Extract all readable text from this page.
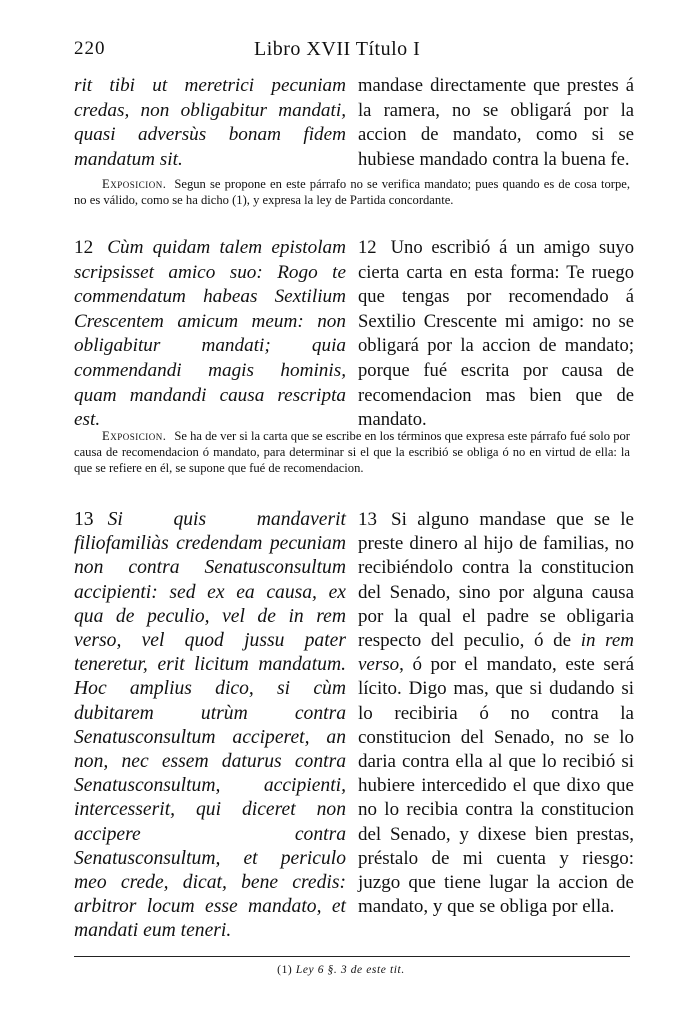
220	Libro XVII Título I

rit tibi ut meretrici pecuniam credas, non obligabitur mandati, quasi adversùs bonam fidem mandatum sit.

mandase directamente que prestes á la ramera, no se obligará por la accion de mandato, como si se hubiese mandado contra la buena fe.

Exposicion. Segun se propone en este párrafo no se verifica mandato; pues quando es de cosa torpe, no es válido, como se ha dicho (1), y expresa la ley de Partida concordante.

12 Cùm quidam talem epistolam scripsisset amico suo: Rogo te commendatum habeas Sextilium Crescentem amicum meum: non obligabitur mandati; quia commendandi magis hominis, quam mandandi causa rescripta est.

12 Uno escribió á un amigo suyo cierta carta en esta forma: Te ruego que tengas por recomendado á Sextilio Crescente mi amigo: no se obligará por la accion de mandato; porque fué escrita por causa de recomendacion mas bien que de mandato.

Exposicion. Se ha de ver si la carta que se escribe en los términos que expresa este párrafo fué solo por causa de recomendacion ó mandato, para determinar si el que la escribió se obliga ó no en virtud de ella: la que se refiere en él, se supone que fué de recomendacion.

13 Si quis mandaverit filiofamiliàs credendam pecuniam non contra Senatusconsultum accipienti: sed ex ea causa, ex qua de peculio, vel de in rem verso, vel quod jussu pater teneretur, erit licitum mandatum. Hoc amplius dico, si cùm dubitarem utrùm contra Senatusconsultum acciperet, an non, nec essem daturus contra Senatusconsultum, accipienti, intercesserit, qui diceret non accipere contra Senatusconsultum, et periculo meo crede, dicat, bene credis: arbitror locum esse mandato, et mandati eum teneri.

13 Si alguno mandase que se le preste dinero al hijo de familias, no recibiéndolo contra la constitucion del Senado, sino por alguna causa por la qual el padre se obligaria respecto del peculio, ó de in rem verso, ó por el mandato, este será lícito. Digo mas, que si dudando si lo recibiria ó no contra la constitucion del Senado, no se lo daria contra ella al que lo recibió si hubiere intercedido el que dixo que no lo recibia contra la constitucion del Senado, y dixese bien prestas, préstalo de mi cuenta y riesgo: juzgo que tiene lugar la accion de mandato, y que se obliga por ella.

(1) Ley 6 §. 3 de este tit.
